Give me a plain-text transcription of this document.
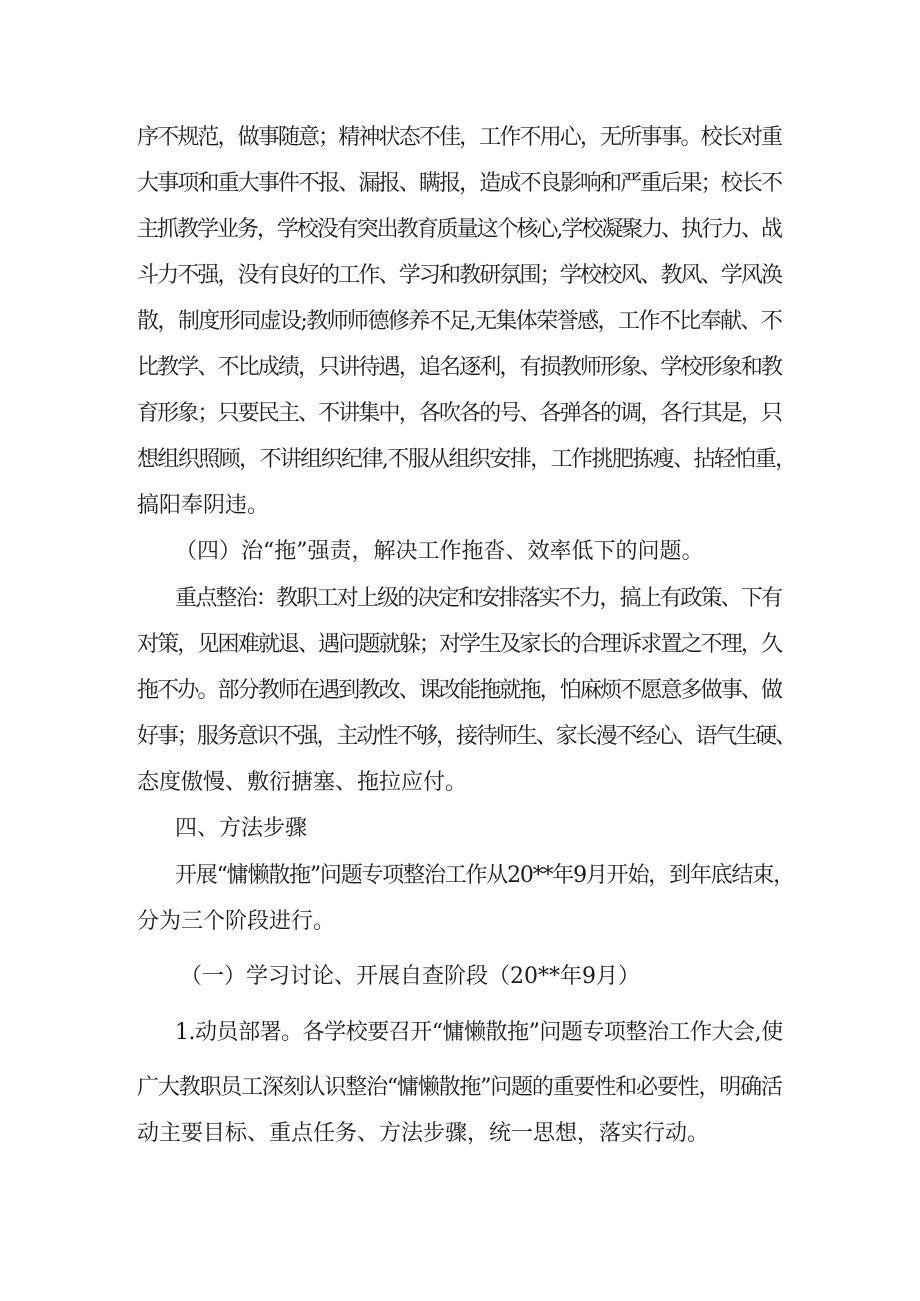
序不规范，做事随意；精神状态不佳，工作不用心，无所事事。校长对重
大事项和重大事件不报、漏报、瞒报，造成不良影响和严重后果；校长不
主抓教学业务，学校没有突出教育质量这个核心,学校凝聚力、执行力、战
斗力不强，没有良好的工作、学习和教研氛围；学校校风、教风、学风涣
散，制度形同虚设;教师师德修养不足,无集体荣誉感，工作不比奉献、不
比教学、不比成绩，只讲待遇，追名逐利，有损教师形象、学校形象和教
育形象；只要民主、不讲集中，各吹各的号、各弹各的调，各行其是，只
想组织照顾，不讲组织纪律,不服从组织安排，工作挑肥拣瘦、拈轻怕重，
搞阳奉阴违。
（四）治“拖”强责，解决工作拖沓、效率低下的问题。
重点整治：教职工对上级的决定和安排落实不力，搞上有政策、下有
对策，见困难就退、遇问题就躲；对学生及家长的合理诉求置之不理，久
拖不办。部分教师在遇到教改、课改能拖就拖，怕麻烦不愿意多做事、做
好事；服务意识不强，主动性不够，接待师生、家长漫不经心、语气生硬、
态度傲慢、敷衍搪塞、拖拉应付。
四、方法步骤
开展“慵懒散拖”问题专项整治工作从20**年9月开始，到年底结束，
分为三个阶段进行。
（一）学习讨论、开展自查阶段（20**年9月）
1.动员部署。各学校要召开“慵懒散拖”问题专项整治工作大会,使
广大教职员工深刻认识整治“慵懒散拖”问题的重要性和必要性，明确活
动主要目标、重点任务、方法步骤，统一思想，落实行动。
